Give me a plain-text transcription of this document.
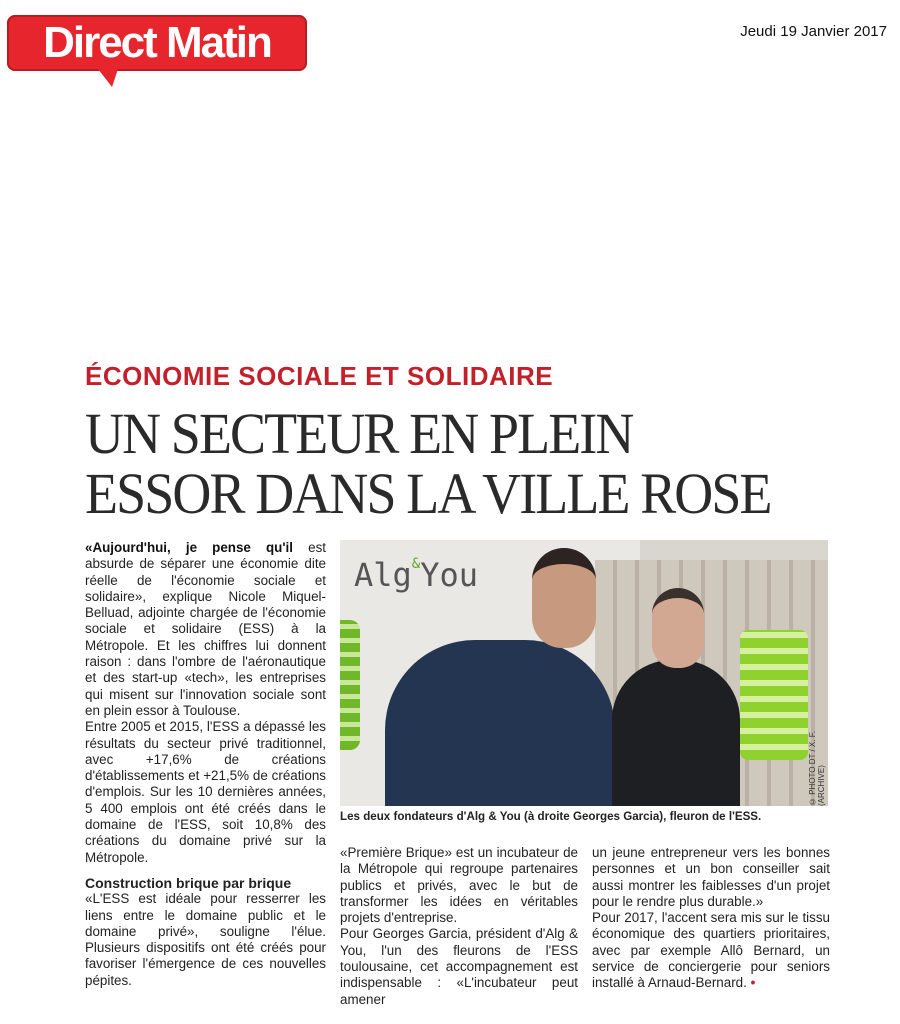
Direct Matin	Jeudi 19 Janvier 2017
ÉCONOMIE SOCIALE ET SOLIDAIRE
UN SECTEUR EN PLEIN
ESSOR DANS LA VILLE ROSE

«Aujourd'hui, je pense qu'il est absurde de séparer une économie dite réelle de l'économie sociale et solidaire», explique Nicole Miquel-Belluad, adjointe chargée de l'économie sociale et solidaire (ESS) à la Métropole. Et les chiffres lui donnent raison : dans l'ombre de l'aéronautique et des start-up «tech», les entreprises qui misent sur l'innovation sociale sont en plein essor à Toulouse.

Entre 2005 et 2015, l'ESS a dépassé les résultats du secteur privé traditionnel, avec +17,6% de créations d'établissements et +21,5% de créations d'emplois. Sur les 10 dernières années, 5 400 emplois ont été créés dans le domaine de l'ESS, soit 10,8% des créations du domaine privé sur la Métropole.

Construction brique par brique

«L'ESS est idéale pour resserrer les liens entre le domaine public et le domaine privé», souligne l'élue. Plusieurs dispositifs ont été créés pour favoriser l'émergence de ces nouvelles pépites.

Alg&You
© PHOTO DT / X. F. (ARCHIVE)
Les deux fondateurs d'Alg & You (à droite Georges Garcia), fleuron de l'ESS.

«Première Brique» est un incubateur de la Métropole qui regroupe partenaires publics et privés, avec le but de transformer les idées en véritables projets d'entreprise.

Pour Georges Garcia, président d'Alg & You, l'un des fleurons de l'ESS toulousaine, cet accompagnement est indispensable : «L'incubateur peut amener

un jeune entrepreneur vers les bonnes personnes et un bon conseiller sait aussi montrer les faiblesses d'un projet pour le rendre plus durable.»

Pour 2017, l'accent sera mis sur le tissu économique des quartiers prioritaires, avec par exemple Allô Bernard, un service de conciergerie pour seniors installé à Arnaud-Bernard. •
